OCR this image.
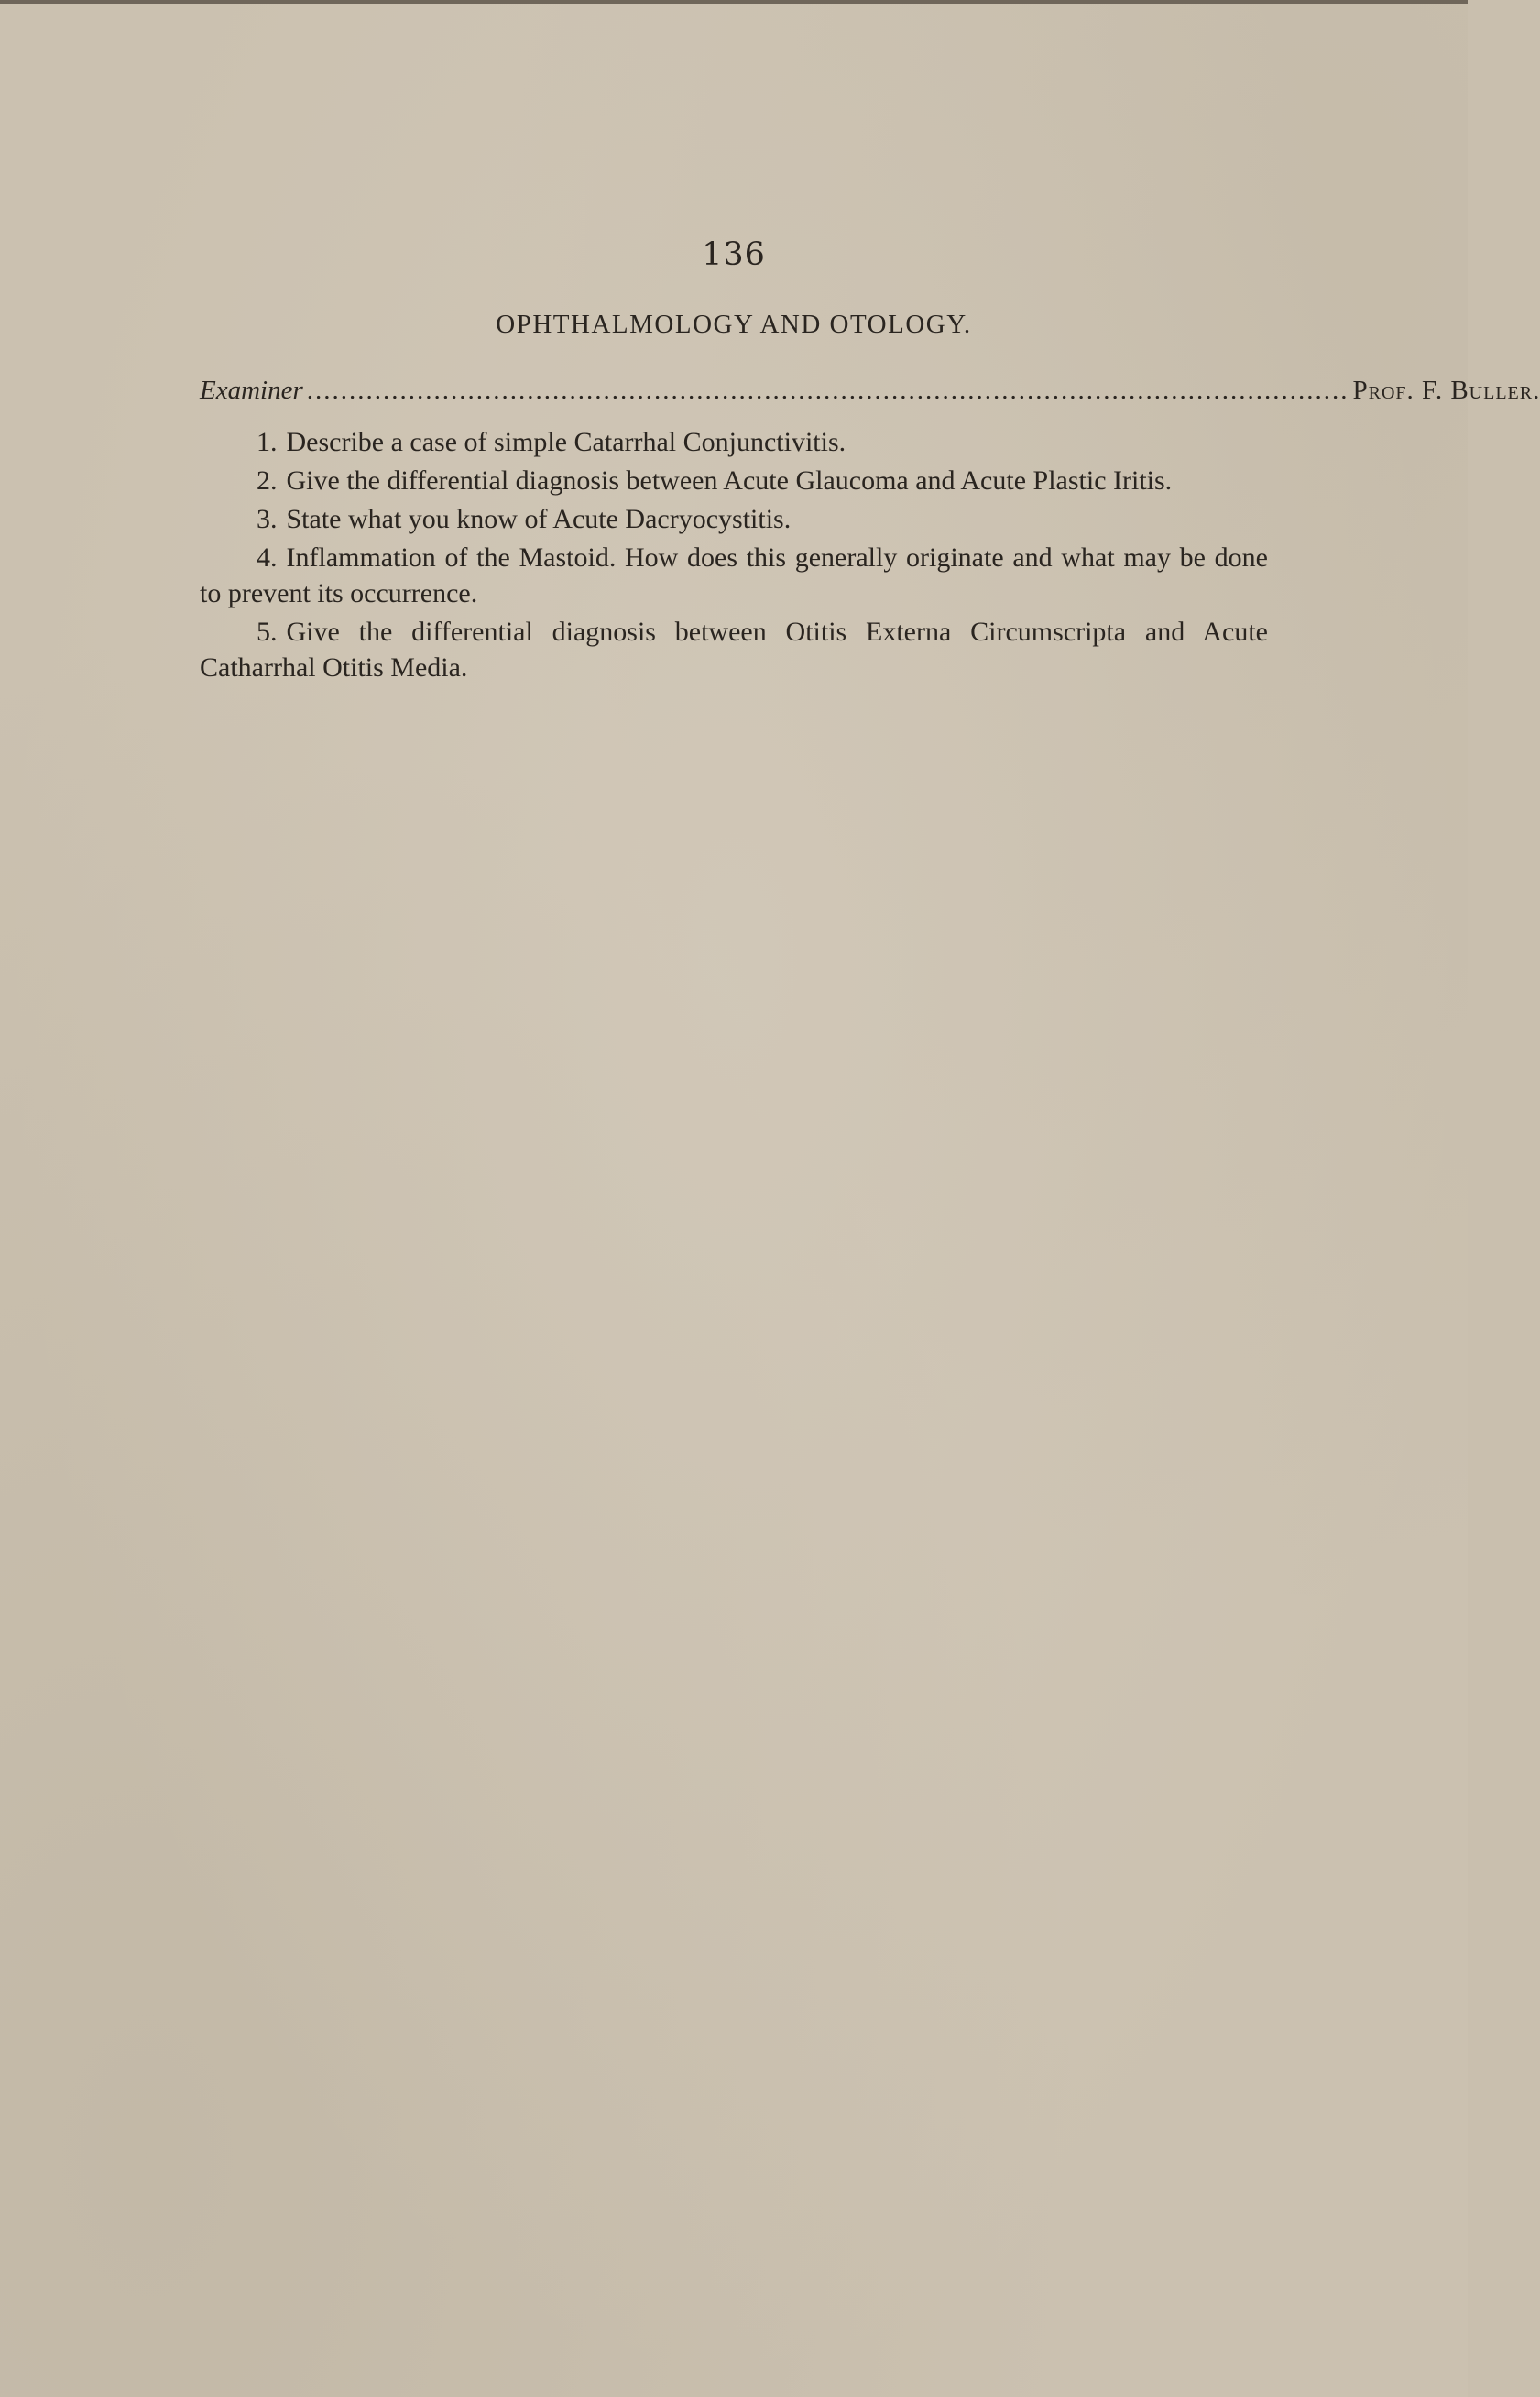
136
OPHTHALMOLOGY AND OTOLOGY.
Examiner ........................................................................................................................... Prof. F. Buller.

1. Describe a case of simple Catarrhal Conjunctivitis.

2. Give the differential diagnosis between Acute Glaucoma and Acute Plastic Iritis.

3. State what you know of Acute Dacryocystitis.

4. Inflammation of the Mastoid. How does this generally originate and what may be done to prevent its occurrence.

5. Give the differential diagnosis between Otitis Externa Circumscripta and Acute Catharrhal Otitis Media.
